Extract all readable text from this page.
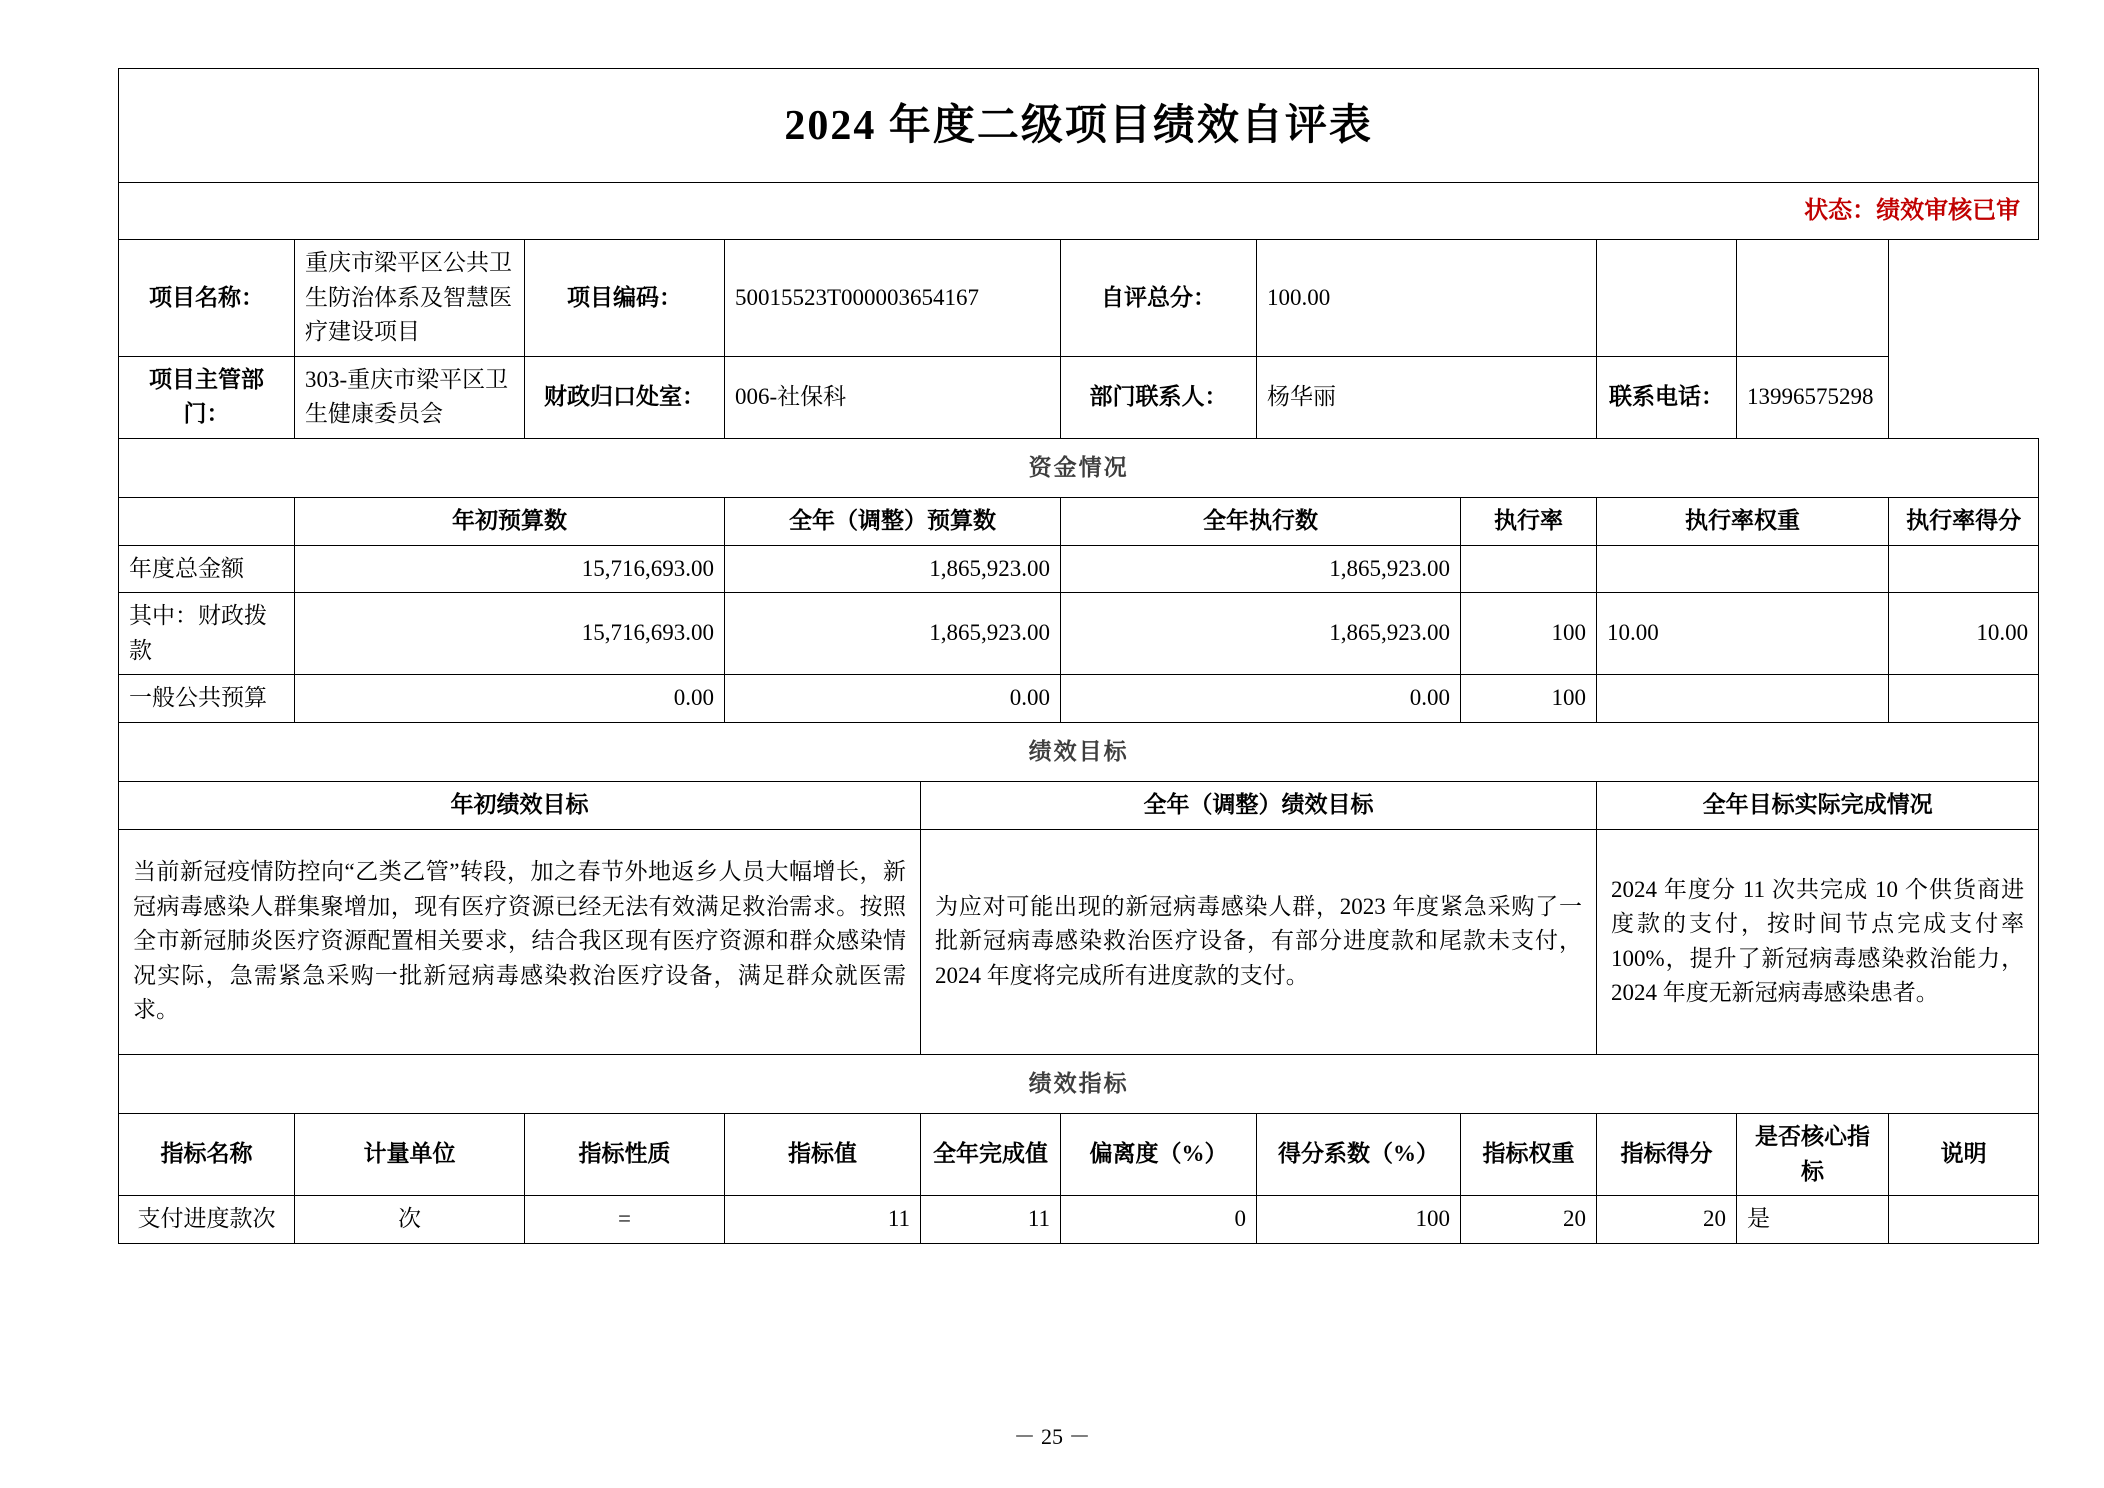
2024 年度二级项目绩效自评表										
状态：绩效审核已审										
项目名称：	重庆市梁平区公共卫生防治体系及智慧医疗建设项目	项目编码：	50015523T000003654167		自评总分：	100.00				
项目主管部门：	303-重庆市梁平区卫生健康委员会	财政归口处室：	006-社保科		部门联系人：	杨华丽		联系电话：	13996575298	
资金情况										
	年初预算数		全年（调整）预算数		全年执行数		执行率	执行率权重		执行率得分
年度总金额	15,716,693.00		1,865,923.00		1,865,923.00					
其中：财政拨款	15,716,693.00		1,865,923.00		1,865,923.00		100	10.00		10.00
一般公共预算	0.00		0.00		0.00		100			
绩效目标										
年初绩效目标				全年（调整）绩效目标				全年目标实际完成情况		
当前新冠疫情防控向“乙类乙管”转段，加之春节外地返乡人员大幅增长，新冠病毒感染人群集聚增加，现有医疗资源已经无法有效满足救治需求。按照全市新冠肺炎医疗资源配置相关要求，结合我区现有医疗资源和群众感染情况实际，急需紧急采购一批新冠病毒感染救治医疗设备，满足群众就医需求。				为应对可能出现的新冠病毒感染人群，2023 年度紧急采购了一批新冠病毒感染救治医疗设备，有部分进度款和尾款未支付，2024 年度将完成所有进度款的支付。				2024 年度分 11 次共完成 10 个供货商进度款的支付，按时间节点完成支付率 100%，提升了新冠病毒感染救治能力，2024 年度无新冠病毒感染患者。		
绩效指标										
指标名称	计量单位	指标性质	指标值	全年完成值	偏离度（%）	得分系数（%）	指标权重	指标得分	是否核心指标	说明
支付进度款次	次	=	11	11	0	100	20	20	是	
－ 25 －
